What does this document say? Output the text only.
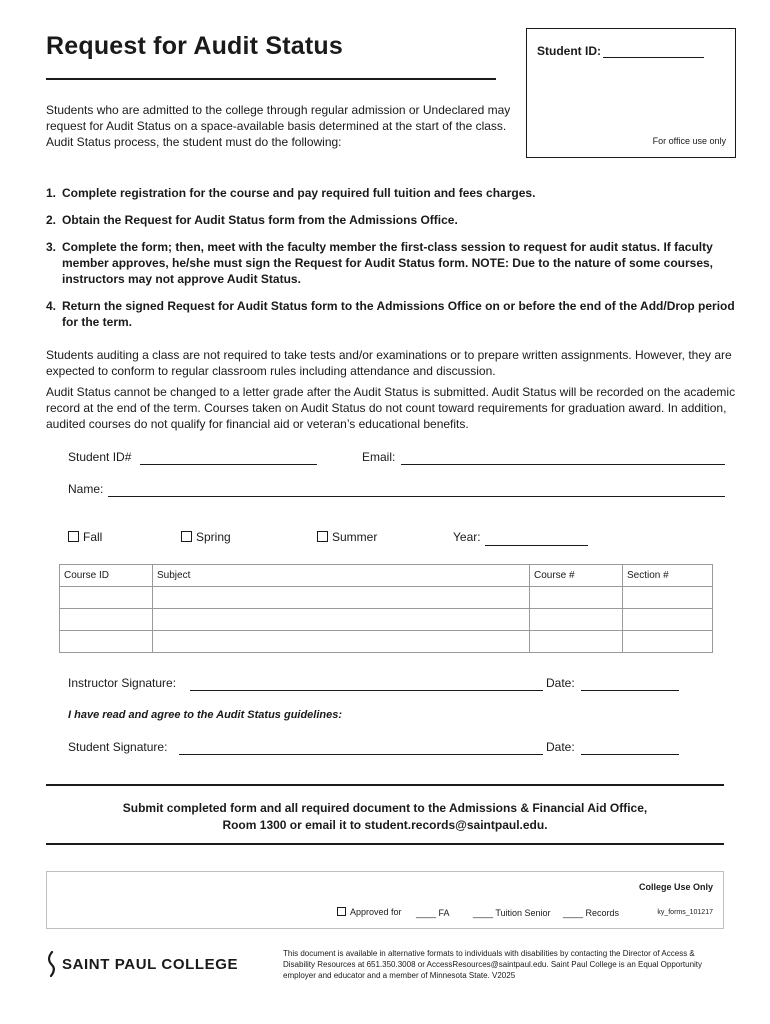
Request for Audit Status	Student ID:
For office use only
Students who are admitted to the college through regular admission or Undeclared may request for Audit Status on a space-available basis determined at the start of the class. Audit Status process, the student must do the following:
1. Complete registration for the course and pay required full tuition and fees charges.
2. Obtain the Request for Audit Status form from the Admissions Office.
3. Complete the form; then, meet with the faculty member the first-class session to request for audit status. If faculty member approves, he/she must sign the Request for Audit Status form. NOTE: Due to the nature of some courses, instructors may not approve Audit Status.
4. Return the signed Request for Audit Status form to the Admissions Office on or before the end of the Add/Drop period for the term.
Students auditing a class are not required to take tests and/or examinations or to prepare written assignments. However, they are expected to conform to regular classroom rules including attendance and discussion.
Audit Status cannot be changed to a letter grade after the Audit Status is submitted. Audit Status will be recorded on the academic record at the end of the term. Courses taken on Audit Status do not count toward requirements for graduation award. In addition, audited courses do not qualify for financial aid or veteran’s educational benefits.
Student ID#	Email:
Name:
Fall	Spring	Summer	Year:
Course ID	Subject	Course #	Section #

Instructor Signature:	Date:
I have read and agree to the Audit Status guidelines:
Student Signature:	Date:
Submit completed form and all required document to the Admissions & Financial Aid Office,
Room 1300 or email it to student.records@saintpaul.edu.
College Use Only
Approved for ____ FA	____ Tuition Senior ____ Records	ky_forms_101217
SAINT PAUL COLLEGE
This document is available in alternative formats to individuals with disabilities by contacting the Director of Access & Disability Resources at 651.350.3008 or AccessResources@saintpaul.edu. Saint Paul College is an Equal Opportunity employer and educator and a member of Minnesota State. V2025
